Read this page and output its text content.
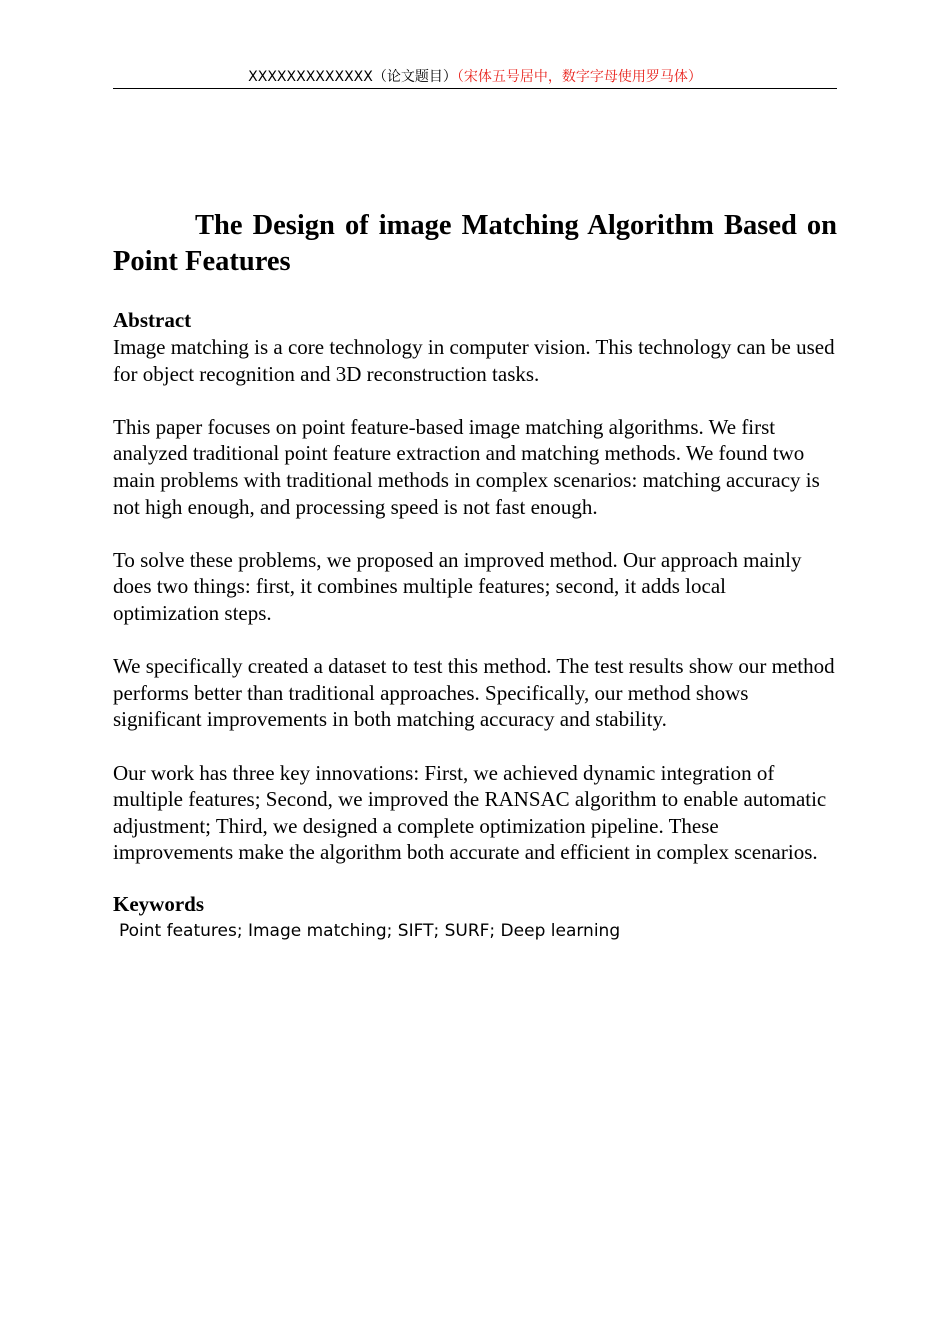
XXXXXXXXXXXXX（论文题目）（宋体五号居中，数字字母使用罗马体）
The Design of image Matching Algorithm Based on Point Features
Abstract

Image matching is a core technology in computer vision. This technology can be used for object recognition and 3D reconstruction tasks.

This paper focuses on point feature-based image matching algorithms. We first analyzed traditional point feature extraction and matching methods. We found two main problems with traditional methods in complex scenarios: matching accuracy is not high enough, and processing speed is not fast enough.

To solve these problems, we proposed an improved method. Our approach mainly does two things: first, it combines multiple features; second, it adds local optimization steps.

We specifically created a dataset to test this method. The test results show our method performs better than traditional approaches. Specifically, our method shows significant improvements in both matching accuracy and stability.

Our work has three key innovations: First, we achieved dynamic integration of multiple features; Second, we improved the RANSAC algorithm to enable automatic adjustment; Third, we designed a complete optimization pipeline. These improvements make the algorithm both accurate and efficient in complex scenarios.

Keywords

Point features; Image matching; SIFT; SURF; Deep learning
